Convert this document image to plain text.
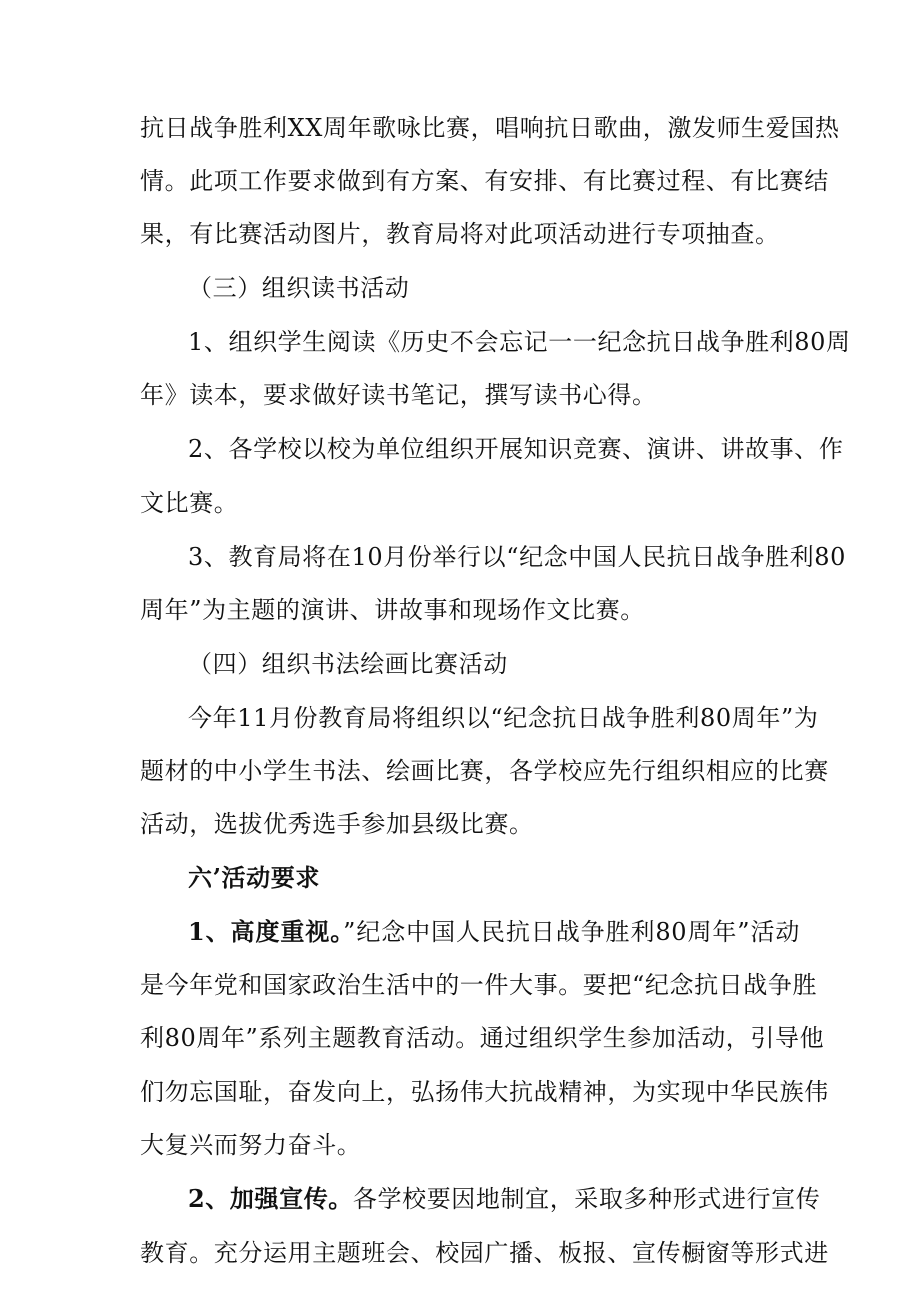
抗日战争胜利XX周年歌咏比赛，唱响抗日歌曲，激发师生爱国热
情。此项工作要求做到有方案、有安排、有比赛过程、有比赛结
果，有比赛活动图片，教育局将对此项活动进行专项抽查。
（三）组织读书活动
1、组织学生阅读《历史不会忘记一一纪念抗日战争胜利80周
年》读本，要求做好读书笔记，撰写读书心得。
2、各学校以校为单位组织开展知识竞赛、演讲、讲故事、作
文比赛。
3、教育局将在10月份举行以“纪念中国人民抗日战争胜利80
周年”为主题的演讲、讲故事和现场作文比赛。
（四）组织书法绘画比赛活动
今年11月份教育局将组织以“纪念抗日战争胜利80周年”为
题材的中小学生书法、绘画比赛，各学校应先行组织相应的比赛
活动，选拔优秀选手参加县级比赛。
六’活动要求
1、高度重视。”纪念中国人民抗日战争胜利80周年”活动
是今年党和国家政治生活中的一件大事。要把“纪念抗日战争胜
利80周年”系列主题教育活动。通过组织学生参加活动，引导他
们勿忘国耻，奋发向上，弘扬伟大抗战精神，为实现中华民族伟
大复兴而努力奋斗。
2、加强宣传。各学校要因地制宜，采取多种形式进行宣传
教育。充分运用主题班会、校园广播、板报、宣传橱窗等形式进
